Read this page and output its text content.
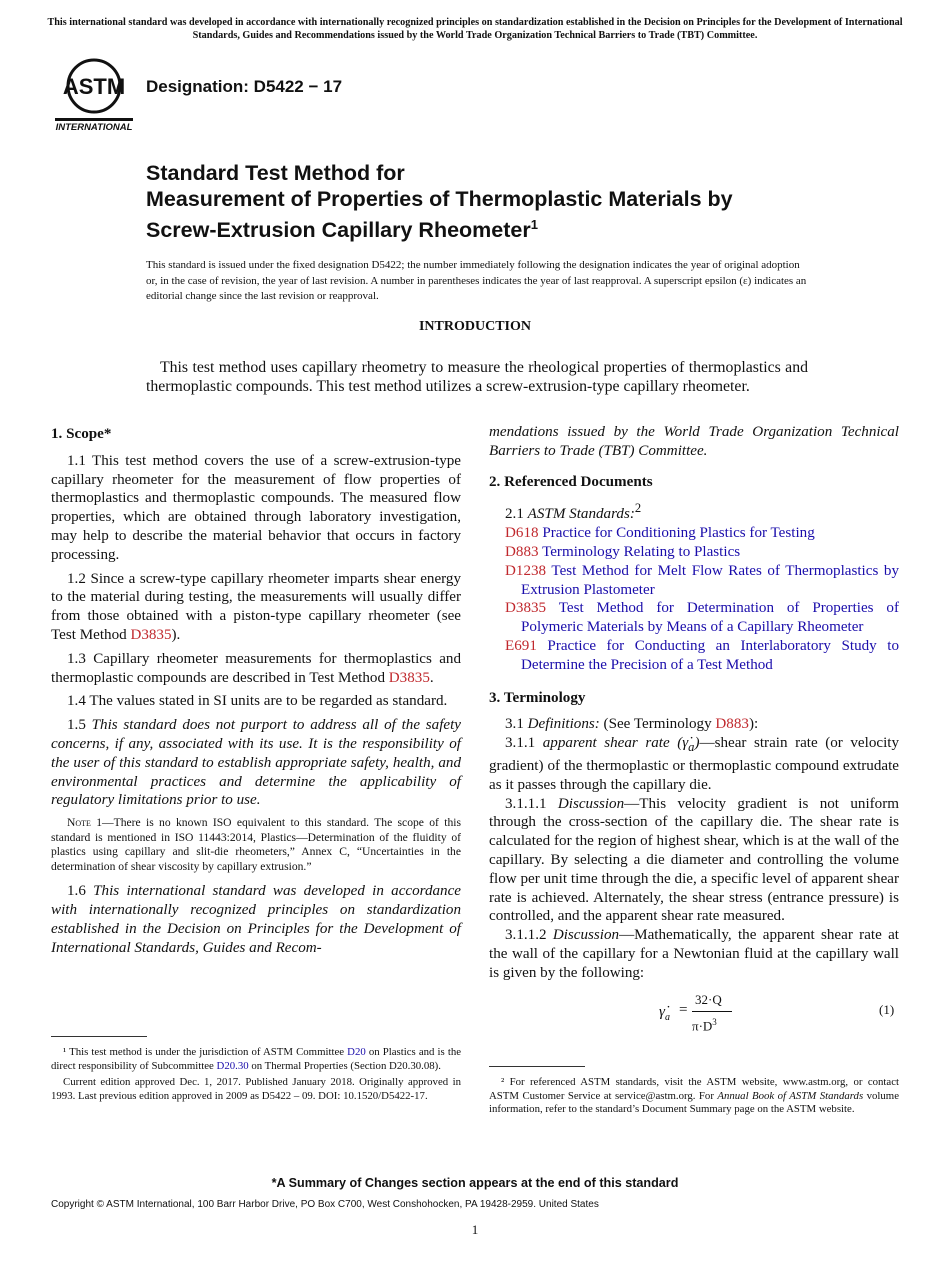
This international standard was developed in accordance with internationally recognized principles on standardization established in the Decision on Principles for the Development of International Standards, Guides and Recommendations issued by the World Trade Organization Technical Barriers to Trade (TBT) Committee.
ASTM
INTERNATIONAL
Designation: D5422 − 17
Standard Test Method for
Measurement of Properties of Thermoplastic Materials by
Screw-Extrusion Capillary Rheometer$^1$
This standard is issued under the fixed designation D5422; the number immediately following the designation indicates the year of original adoption or, in the case of revision, the year of last revision. A number in parentheses indicates the year of last reapproval. A superscript epsilon (ε) indicates an editorial change since the last revision or reapproval.
INTRODUCTION
This test method uses capillary rheometry to measure the rheological properties of thermoplastics and thermoplastic compounds. This test method utilizes a screw-extrusion-type capillary rheometer.

1. Scope*

1.1 This test method covers the use of a screw-extrusion-type capillary rheometer for the measurement of flow properties of thermoplastics and thermoplastic compounds. The measured flow properties, which are obtained through laboratory investigation, may help to describe the material behavior that occurs in factory processing.

1.2 Since a screw-type capillary rheometer imparts shear energy to the material during testing, the measurements will usually differ from those obtained with a piston-type capillary rheometer (see Test Method D3835).

1.3 Capillary rheometer measurements for thermoplastics and thermoplastic compounds are described in Test Method D3835.

1.4 The values stated in SI units are to be regarded as standard.

1.5 This standard does not purport to address all of the safety concerns, if any, associated with its use. It is the responsibility of the user of this standard to establish appropriate safety, health, and environmental practices and determine the applicability of regulatory limitations prior to use.

Note 1—There is no known ISO equivalent to this standard. The scope of this standard is mentioned in ISO 11443:2014, Plastics—Determination of the fluidity of plastics using capillary and slit-die rheometers,” Annex C, “Uncertainties in the determination of shear viscosity by capillary extrusion.”

1.6 This international standard was developed in accordance with internationally recognized principles on standardization established in the Decision on Principles for the Development of International Standards, Guides and Recom-

¹ This test method is under the jurisdiction of ASTM Committee D20 on Plastics and is the direct responsibility of Subcommittee D20.30 on Thermal Properties (Section D20.30.08).

Current edition approved Dec. 1, 2017. Published January 2018. Originally approved in 1993. Last previous edition approved in 2009 as D5422 – 09. DOI: 10.1520/D5422-17.

mendations issued by the World Trade Organization Technical Barriers to Trade (TBT) Committee.

2. Referenced Documents

2.1 ASTM Standards:$^2$

D618 Practice for Conditioning Plastics for Testing

D883 Terminology Relating to Plastics

D1238 Test Method for Melt Flow Rates of Thermoplastics by Extrusion Plastometer

D3835 Test Method for Determination of Properties of Polymeric Materials by Means of a Capillary Rheometer

E691 Practice for Conducting an Interlaboratory Study to Determine the Precision of a Test Method

3. Terminology

3.1 Definitions: (See Terminology D883):

3.1.1 apparent shear rate $(\gammȧ_a)—shear$ strain rate (or velocity gradient) of the thermoplastic or thermoplastic compound extrudate as it passes through the capillary die.

3.1.1.1 Discussion—This velocity gradient is not uniform through the cross-section of the capillary die. The shear rate is calculated for the region of highest shear, which is at the wall of the capillary. By selecting a die diameter and controlling the volume flow per unit time through the die, a specific level of apparent shear rate is achieved. Alternately, the shear stress (entrance pressure) is controlled, and the apparent shear rate measured.

3.1.1.2 Discussion—Mathematically, the apparent shear rate at the wall of the capillary for a Newtonian fluid at the capillary wall is given by the following:

$\gammȧ_a$ =
32·Q
$\pi\cdot D^3$
(1)

² For referenced ASTM standards, visit the ASTM website, www.astm.org, or contact ASTM Customer Service at service@astm.org. For Annual Book of ASTM Standards volume information, refer to the standard’s Document Summary page on the ASTM website.

*A Summary of Changes section appears at the end of this standard
Copyright © ASTM International, 100 Barr Harbor Drive, PO Box C700, West Conshohocken, PA 19428-2959. United States
1
